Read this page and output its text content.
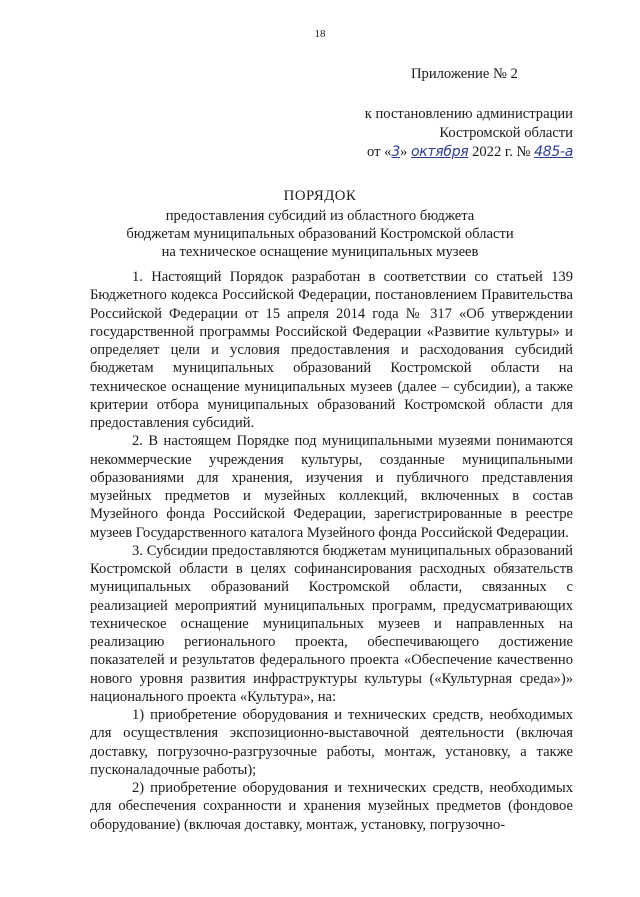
18
Приложение № 2
к постановлению администрации
Костромской области
от «3» октября 2022 г. № 485-а
ПОРЯДОК
предоставления субсидий из областного бюджета
бюджетам муниципальных образований Костромской области
на техническое оснащение муниципальных музеев

1. Настоящий Порядок разработан в соответствии со статьей 139 Бюджетного кодекса Российской Федерации, постановлением Правительства Российской Федерации от 15 апреля 2014 года № 317 «Об утверждении государственной программы Российской Федерации «Развитие культуры» и определяет цели и условия предоставления и расходования субсидий бюджетам муниципальных образований Костромской области на техническое оснащение муниципальных музеев (далее – субсидии), а также критерии отбора муниципальных образований Костромской области для предоставления субсидий.

2. В настоящем Порядке под муниципальными музеями понимаются некоммерческие учреждения культуры, созданные муниципальными образованиями для хранения, изучения и публичного представления музейных предметов и музейных коллекций, включенных в состав Музейного фонда Российской Федерации, зарегистрированные в реестре музеев Государственного каталога Музейного фонда Российской Федерации.

3. Субсидии предоставляются бюджетам муниципальных образований Костромской области в целях софинансирования расходных обязательств муниципальных образований Костромской области, связанных с реализацией мероприятий муниципальных программ, предусматривающих техническое оснащение муниципальных музеев и направленных на реализацию регионального проекта, обеспечивающего достижение показателей и результатов федерального проекта «Обеспечение качественно нового уровня развития инфраструктуры культуры («Культурная среда»)» национального проекта «Культура», на:

1) приобретение оборудования и технических средств, необходимых для осуществления экспозиционно-выставочной деятельности (включая доставку, погрузочно-разгрузочные работы, монтаж, установку, а также пусконаладочные работы);

2) приобретение оборудования и технических средств, необходимых для обеспечения сохранности и хранения музейных предметов (фондовое оборудование) (включая доставку, монтаж, установку, погрузочно-
